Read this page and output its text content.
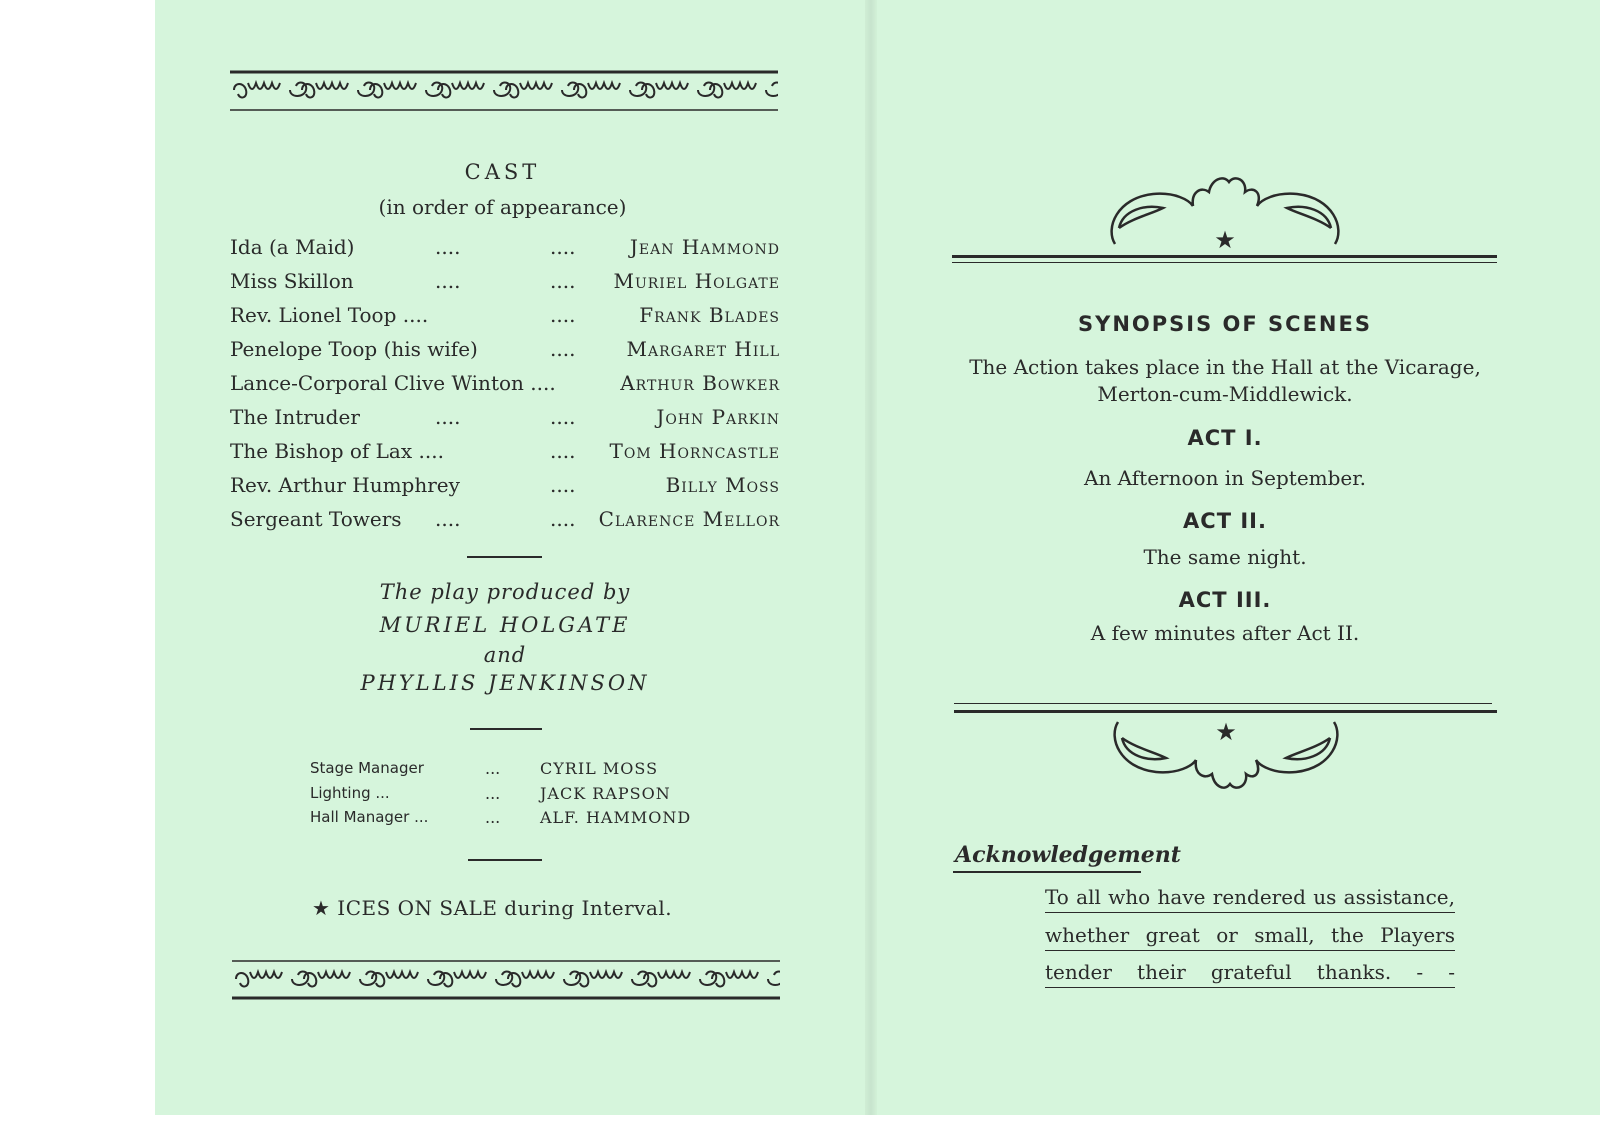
CAST
(in order of appearance)
Ida (a Maid)	....	....	Jean Hammond
Miss Skillon	....	.... Muriel Holgate
Rev. Lionel Toop ....	....	Frank Blades
Penelope Toop (his wife)	....	Margaret Hill
Lance-Corporal Clive Winton ....	Arthur Bowker
The Intruder	....	....	John Parkin
The Bishop of Lax ....	.... Tom Horncastle
Rev. Arthur Humphrey	....	Billy Moss
Sergeant Towers ....	.... Clarence Mellor
The play produced by
MURIEL HOLGATE
and
PHYLLIS JENKINSON
Stage Manager	... CYRIL MOSS
Lighting ...	... JACK RAPSON
Hall Manager ...	... ALF. HAMMOND
★ ICES ON SALE during Interval.
★
SYNOPSIS OF SCENES
The Action takes place in the Hall at the Vicarage, Merton-cum-Middlewick.
ACT I.
An Afternoon in September.
ACT II.
The same night.
ACT III.
A few minutes after Act II.
★
Acknowledgement
To all who have rendered us assistance,
whether great or small, the Players
tender their grateful thanks. - -
